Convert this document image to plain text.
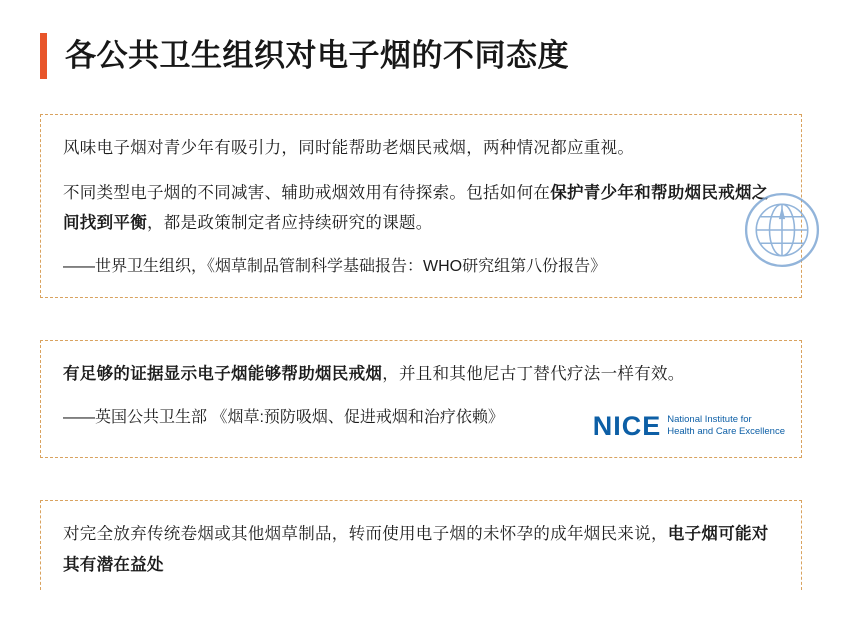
各公共卫生组织对电子烟的不同态度

风味电子烟对青少年有吸引力，同时能帮助老烟民戒烟，两种情况都应重视。

不同类型电子烟的不同减害、辅助戒烟效用有待探索。包括如何在保护青少年和帮助烟民戒烟之间找到平衡，都是政策制定者应持续研究的课题。

——世界卫生组织，《烟草制品管制科学基础报告：WHO研究组第八份报告》

有足够的证据显示电子烟能够帮助烟民戒烟，并且和其他尼古丁替代疗法一样有效。

——英国公共卫生部 《烟草:预防吸烟、促进戒烟和治疗依赖》	NICE National Institute for
Health and Care Excellence

对完全放弃传统卷烟或其他烟草制品，转而使用电子烟的未怀孕的成年烟民来说，电子烟可能对其有潜在益处
